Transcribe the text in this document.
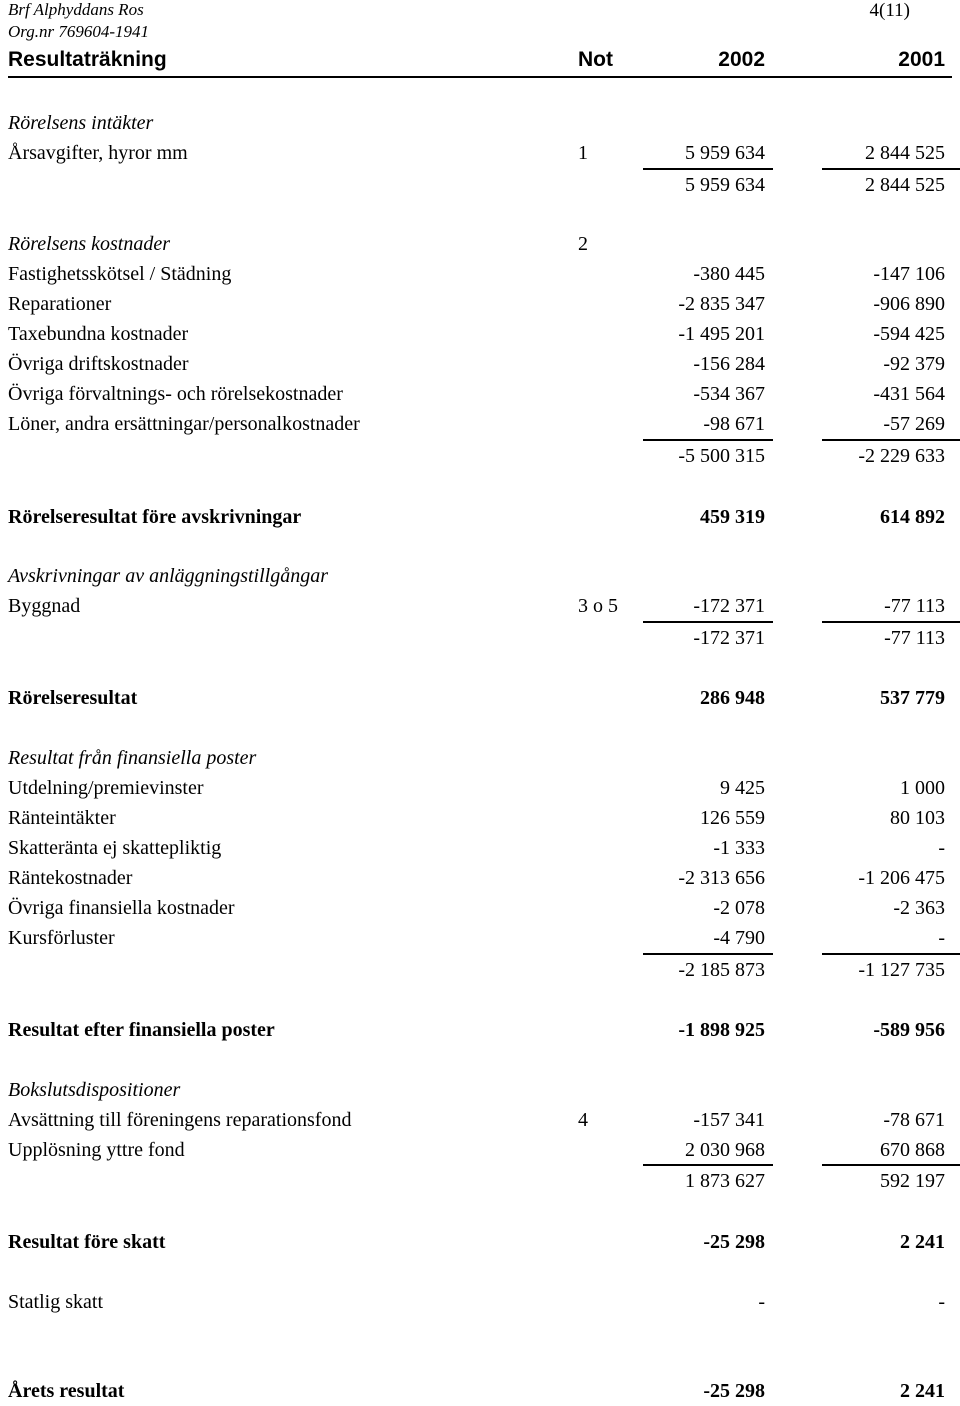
Brf Alphyddans Ros
Org.nr 769604-1941
4(11)
Resultaträkning	Not	2002	2001
Rörelsens intäkter
Årsavgifter, hyror mm	1	5 959 634	2 844 525
5 959 634	2 844 525
Rörelsens kostnader	2
Fastighetsskötsel / Städning	-380 445	-147 106
Reparationer	-2 835 347	-906 890
Taxebundna kostnader	-1 495 201	-594 425
Övriga driftskostnader	-156 284	-92 379
Övriga förvaltnings- och rörelsekostnader	-534 367	-431 564
Löner, andra ersättningar/personalkostnader	-98 671	-57 269
-5 500 315	-2 229 633
Rörelseresultat före avskrivningar	459 319	614 892
Avskrivningar av anläggningstillgångar
Byggnad	3 o 5	-172 371	-77 113
-172 371	-77 113
Rörelseresultat	286 948	537 779
Resultat från finansiella poster
Utdelning/premievinster	9 425	1 000
Ränteintäkter	126 559	80 103
Skatteränta ej skattepliktig	-1 333	-
Räntekostnader	-2 313 656	-1 206 475
Övriga finansiella kostnader	-2 078	-2 363
Kursförluster	-4 790	-
-2 185 873	-1 127 735
Resultat efter finansiella poster	-1 898 925	-589 956
Bokslutsdispositioner
Avsättning till föreningens reparationsfond	4	-157 341	-78 671
Upplösning yttre fond	2 030 968	670 868
1 873 627	592 197
Resultat före skatt	-25 298	2 241
Statlig skatt	-	-
Årets resultat	-25 298	2 241
